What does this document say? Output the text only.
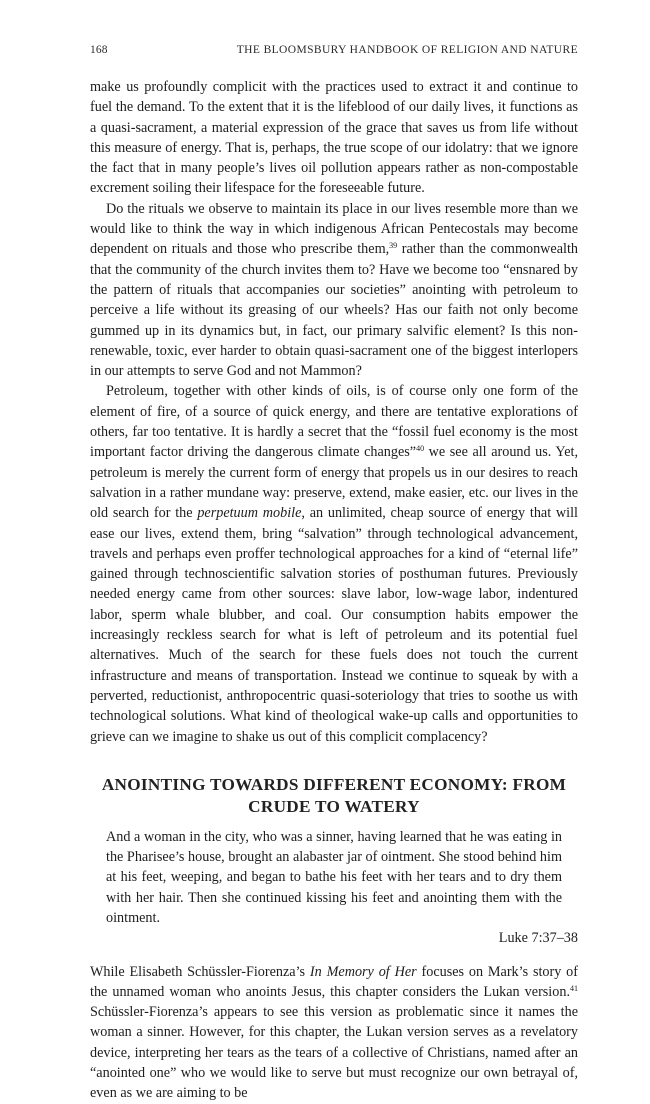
168	THE BLOOMSBURY HANDBOOK OF RELIGION AND NATURE

make us profoundly complicit with the practices used to extract it and continue to fuel the demand. To the extent that it is the lifeblood of our daily lives, it functions as a quasi-sacrament, a material expression of the grace that saves us from life without this measure of energy. That is, perhaps, the true scope of our idolatry: that we ignore the fact that in many people’s lives oil pollution appears rather as non-compostable excrement soiling their lifespace for the foreseeable future.

Do the rituals we observe to maintain its place in our lives resemble more than we would like to think the way in which indigenous African Pentecostals may become dependent on rituals and those who prescribe them,$^{39}$ rather than the commonwealth that the community of the church invites them to? Have we become too “ensnared by the pattern of rituals that accompanies our societies” anointing with petroleum to perceive a life without its greasing of our wheels? Has our faith not only become gummed up in its dynamics but, in fact, our primary salvific element? Is this non-renewable, toxic, ever harder to obtain quasi-sacrament one of the biggest interlopers in our attempts to serve God and not Mammon?

Petroleum, together with other kinds of oils, is of course only one form of the element of fire, of a source of quick energy, and there are tentative explorations of others, far too tentative. It is hardly a secret that the “fossil fuel economy is the most important factor driving the dangerous climate changes”$^{40}$ we see all around us. Yet, petroleum is merely the current form of energy that propels us in our desires to reach salvation in a rather mundane way: preserve, extend, make easier, etc. our lives in the old search for the perpetuum mobile, an unlimited, cheap source of energy that will ease our lives, extend them, bring “salvation” through technological advancement, travels and perhaps even proffer technological approaches for a kind of “eternal life” gained through technoscientific salvation stories of posthuman futures. Previously needed energy came from other sources: slave labor, low-wage labor, indentured labor, sperm whale blubber, and coal. Our consumption habits empower the increasingly reckless search for what is left of petroleum and its potential fuel alternatives. Much of the search for these fuels does not touch the current infrastructure and means of transportation. Instead we continue to squeak by with a perverted, reductionist, anthropocentric quasi-soteriology that tries to soothe us with technological solutions. What kind of theological wake-up calls and opportunities to grieve can we imagine to shake us out of this complicit complacency?

ANOINTING TOWARDS DIFFERENT ECONOMY: FROM
CRUDE TO WATERY

And a woman in the city, who was a sinner, having learned that he was eating in the Pharisee’s house, brought an alabaster jar of ointment. She stood behind him at his feet, weeping, and began to bathe his feet with her tears and to dry them with her hair. Then she continued kissing his feet and anointing them with the ointment.

Luke 7:37–38

While Elisabeth Schüssler-Fiorenza’s In Memory of Her focuses on Mark’s story of the unnamed woman who anoints Jesus, this chapter considers the Lukan version.$^{41}$ Schüssler-Fiorenza’s appears to see this version as problematic since it names the woman a sinner. However, for this chapter, the Lukan version serves as a revelatory device, interpreting her tears as the tears of a collective of Christians, named after an “anointed one” who we would like to serve but must recognize our own betrayal of, even as we are aiming to be
